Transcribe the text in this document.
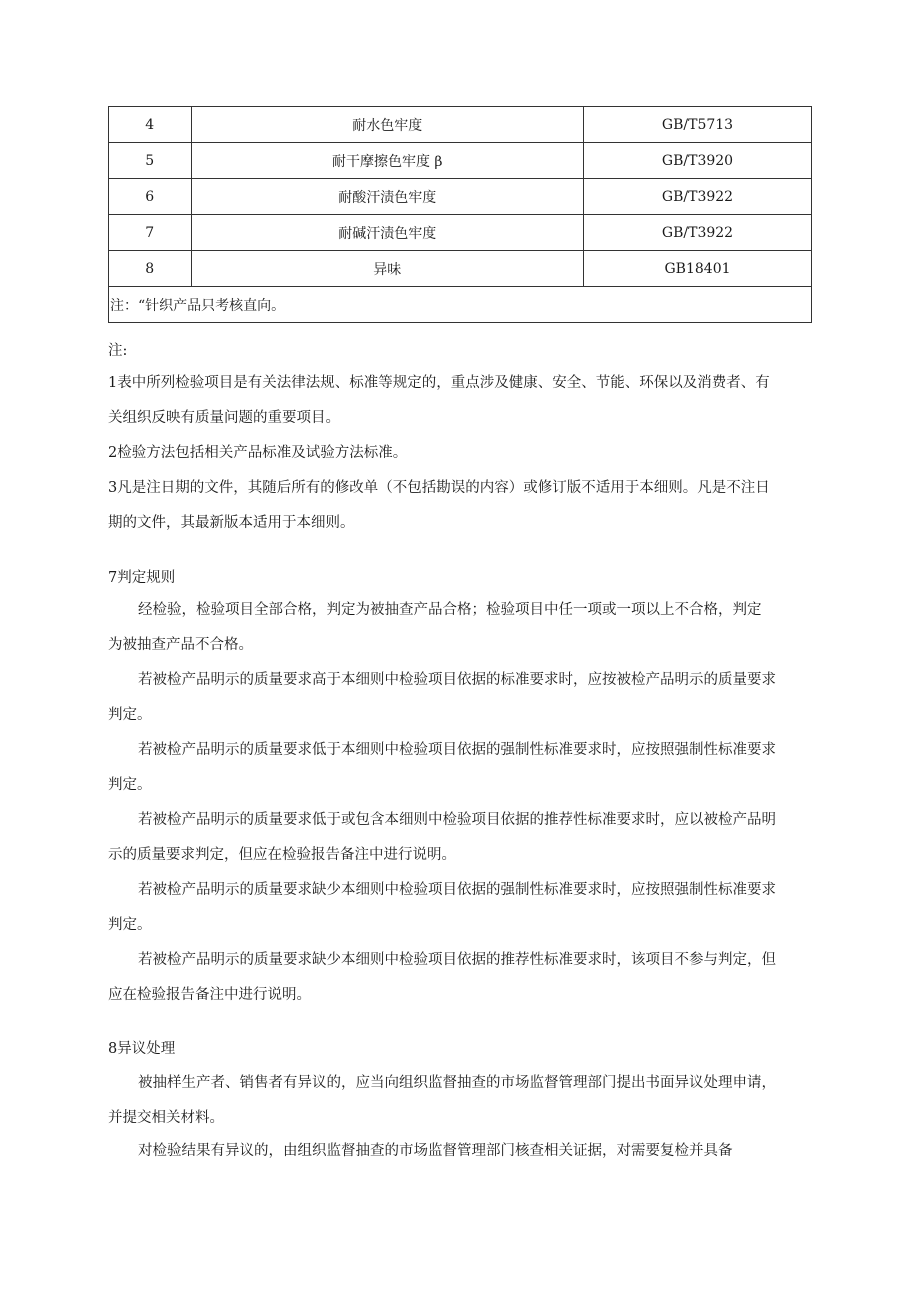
4	耐水色牢度	GB/T5713
5	耐干摩擦色牢度 β	GB/T3920
6	耐酸汗渍色牢度	GB/T3922
7	耐碱汗渍色牢度	GB/T3922
8	异味	GB18401
注：“针织产品只考核直向。		

注:

1表中所列检验项目是有关法律法规、标准等规定的，重点涉及健康、安全、节能、环保以及消费者、有
关组织反映有质量问题的重要项目。

2检验方法包括相关产品标准及试验方法标准。

3凡是注日期的文件，其随后所有的修改单（不包括勘误的内容）或修订版不适用于本细则。凡是不注日
期的文件，其最新版本适用于本细则。

7判定规则

经检验，检验项目全部合格，判定为被抽查产品合格；检验项目中任一项或一项以上不合格，判定
为被抽查产品不合格。

若被检产品明示的质量要求高于本细则中检验项目依据的标准要求时，应按被检产品明示的质量要求
判定。

若被检产品明示的质量要求低于本细则中检验项目依据的强制性标准要求时，应按照强制性标准要求
判定。

若被检产品明示的质量要求低于或包含本细则中检验项目依据的推荐性标准要求时，应以被检产品明
示的质量要求判定，但应在检验报告备注中进行说明。

若被检产品明示的质量要求缺少本细则中检验项目依据的强制性标准要求时，应按照强制性标准要求
判定。

若被检产品明示的质量要求缺少本细则中检验项目依据的推荐性标准要求时，该项目不参与判定，但
应在检验报告备注中进行说明。

8异议处理

被抽样生产者、销售者有异议的，应当向组织监督抽查的市场监督管理部门提出书面异议处理申请，
并提交相关材料。

对检验结果有异议的，由组织监督抽查的市场监督管理部门核查相关证据，对需要复检并具备
